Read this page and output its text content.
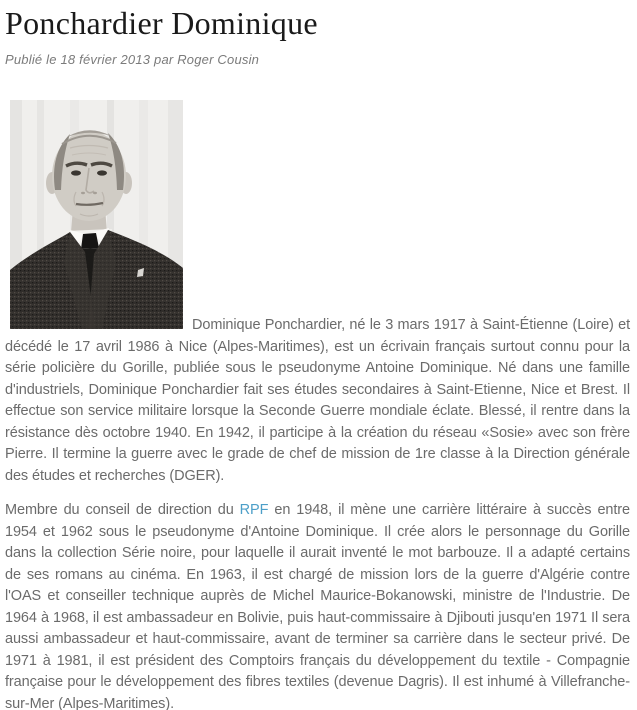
Ponchardier Dominique
Publié le 18 février 2013 par Roger Cousin

Dominique Ponchardier, né le 3 mars 1917 à Saint-Étienne (Loire) et décédé le 17 avril 1986 à Nice (Alpes-Maritimes), est un écrivain français surtout connu pour la série policière du Gorille, publiée sous le pseudonyme Antoine Dominique. Né dans une famille d'industriels, Dominique Ponchardier fait ses études secondaires à Saint-Etienne, Nice et Brest. Il effectue son service militaire lorsque la Seconde Guerre mondiale éclate. Blessé, il rentre dans la résistance dès octobre 1940. En 1942, il participe à la création du réseau «Sosie» avec son frère Pierre. Il termine la guerre avec le grade de chef de mission de 1re classe à la Direction générale des études et recherches (DGER).

Membre du conseil de direction du RPF en 1948, il mène une carrière littéraire à succès entre 1954 et 1962 sous le pseudonyme d'Antoine Dominique. Il crée alors le personnage du Gorille dans la collection Série noire, pour laquelle il aurait inventé le mot barbouze. Il a adapté certains de ses romans au cinéma. En 1963, il est chargé de mission lors de la guerre d'Algérie contre l'OAS et conseiller technique auprès de Michel Maurice-Bokanowski, ministre de l'Industrie. De 1964 à 1968, il est ambassadeur en Bolivie, puis haut-commissaire à Djibouti jusqu'en 1971 Il sera aussi ambassadeur et haut-commissaire, avant de terminer sa carrière dans le secteur privé. De 1971 à 1981, il est président des Comptoirs français du développement du textile - Compagnie française pour le développement des fibres textiles (devenue Dagris). Il est inhumé à Villefranche-sur-Mer (Alpes-Maritimes).
